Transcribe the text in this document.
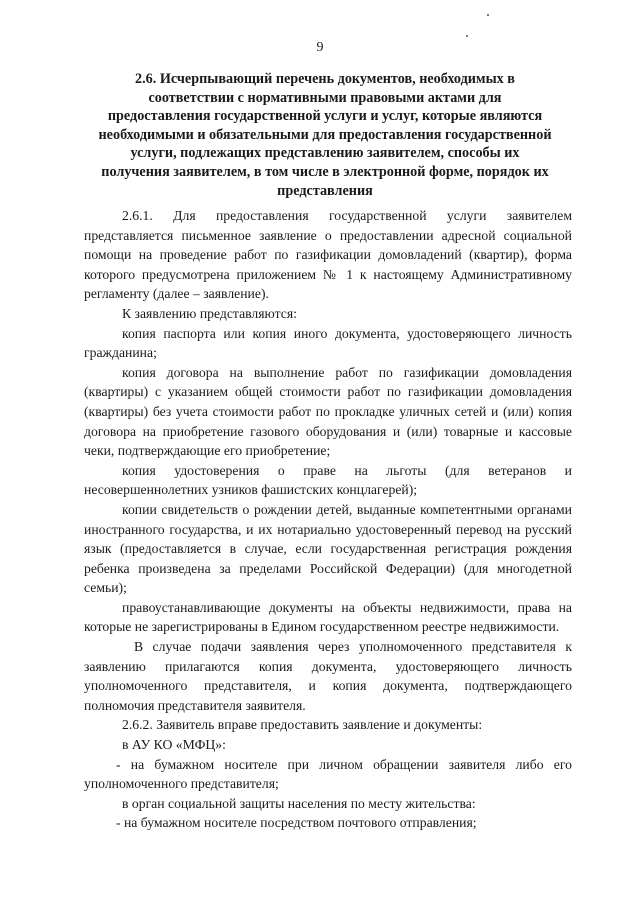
9
2.6. Исчерпывающий перечень документов, необходимых в
соответствии с нормативными правовыми актами для
предоставления государственной услуги и услуг, которые являются
необходимыми и обязательными для предоставления государственной
услуги, подлежащих представлению заявителем, способы их
получения заявителем, в том числе в электронной форме, порядок их
представления

2.6.1. Для предоставления государственной услуги заявителем представляется письменное заявление о предоставлении адресной социальной помощи на проведение работ по газификации домовладений (квартир), форма которого предусмотрена приложением № 1 к настоящему Административному регламенту (далее – заявление).

К заявлению представляются:

копия паспорта или копия иного документа, удостоверяющего личность гражданина;

копия договора на выполнение работ по газификации домовладения (квартиры) с указанием общей стоимости работ по газификации домовладения (квартиры) без учета стоимости работ по прокладке уличных сетей и (или) копия договора на приобретение газового оборудования и (или) товарные и кассовые чеки, подтверждающие его приобретение;

копия удостоверения о праве на льготы (для ветеранов и несовершеннолетних узников фашистских концлагерей);

копии свидетельств о рождении детей, выданные компетентными органами иностранного государства, и их нотариально удостоверенный перевод на русский язык (предоставляется в случае, если государственная регистрация рождения ребенка произведена за пределами Российской Федерации) (для многодетной семьи);

правоустанавливающие документы на объекты недвижимости, права на которые не зарегистрированы в Едином государственном реестре недвижимости.

В случае подачи заявления через уполномоченного представителя к заявлению прилагаются копия документа, удостоверяющего личность уполномоченного представителя, и копия документа, подтверждающего полномочия представителя заявителя.

2.6.2. Заявитель вправе предоставить заявление и документы:

в АУ КО «МФЦ»:

- на бумажном носителе при личном обращении заявителя либо его уполномоченного представителя;

в орган социальной защиты населения по месту жительства:

- на бумажном носителе посредством почтового отправления;
